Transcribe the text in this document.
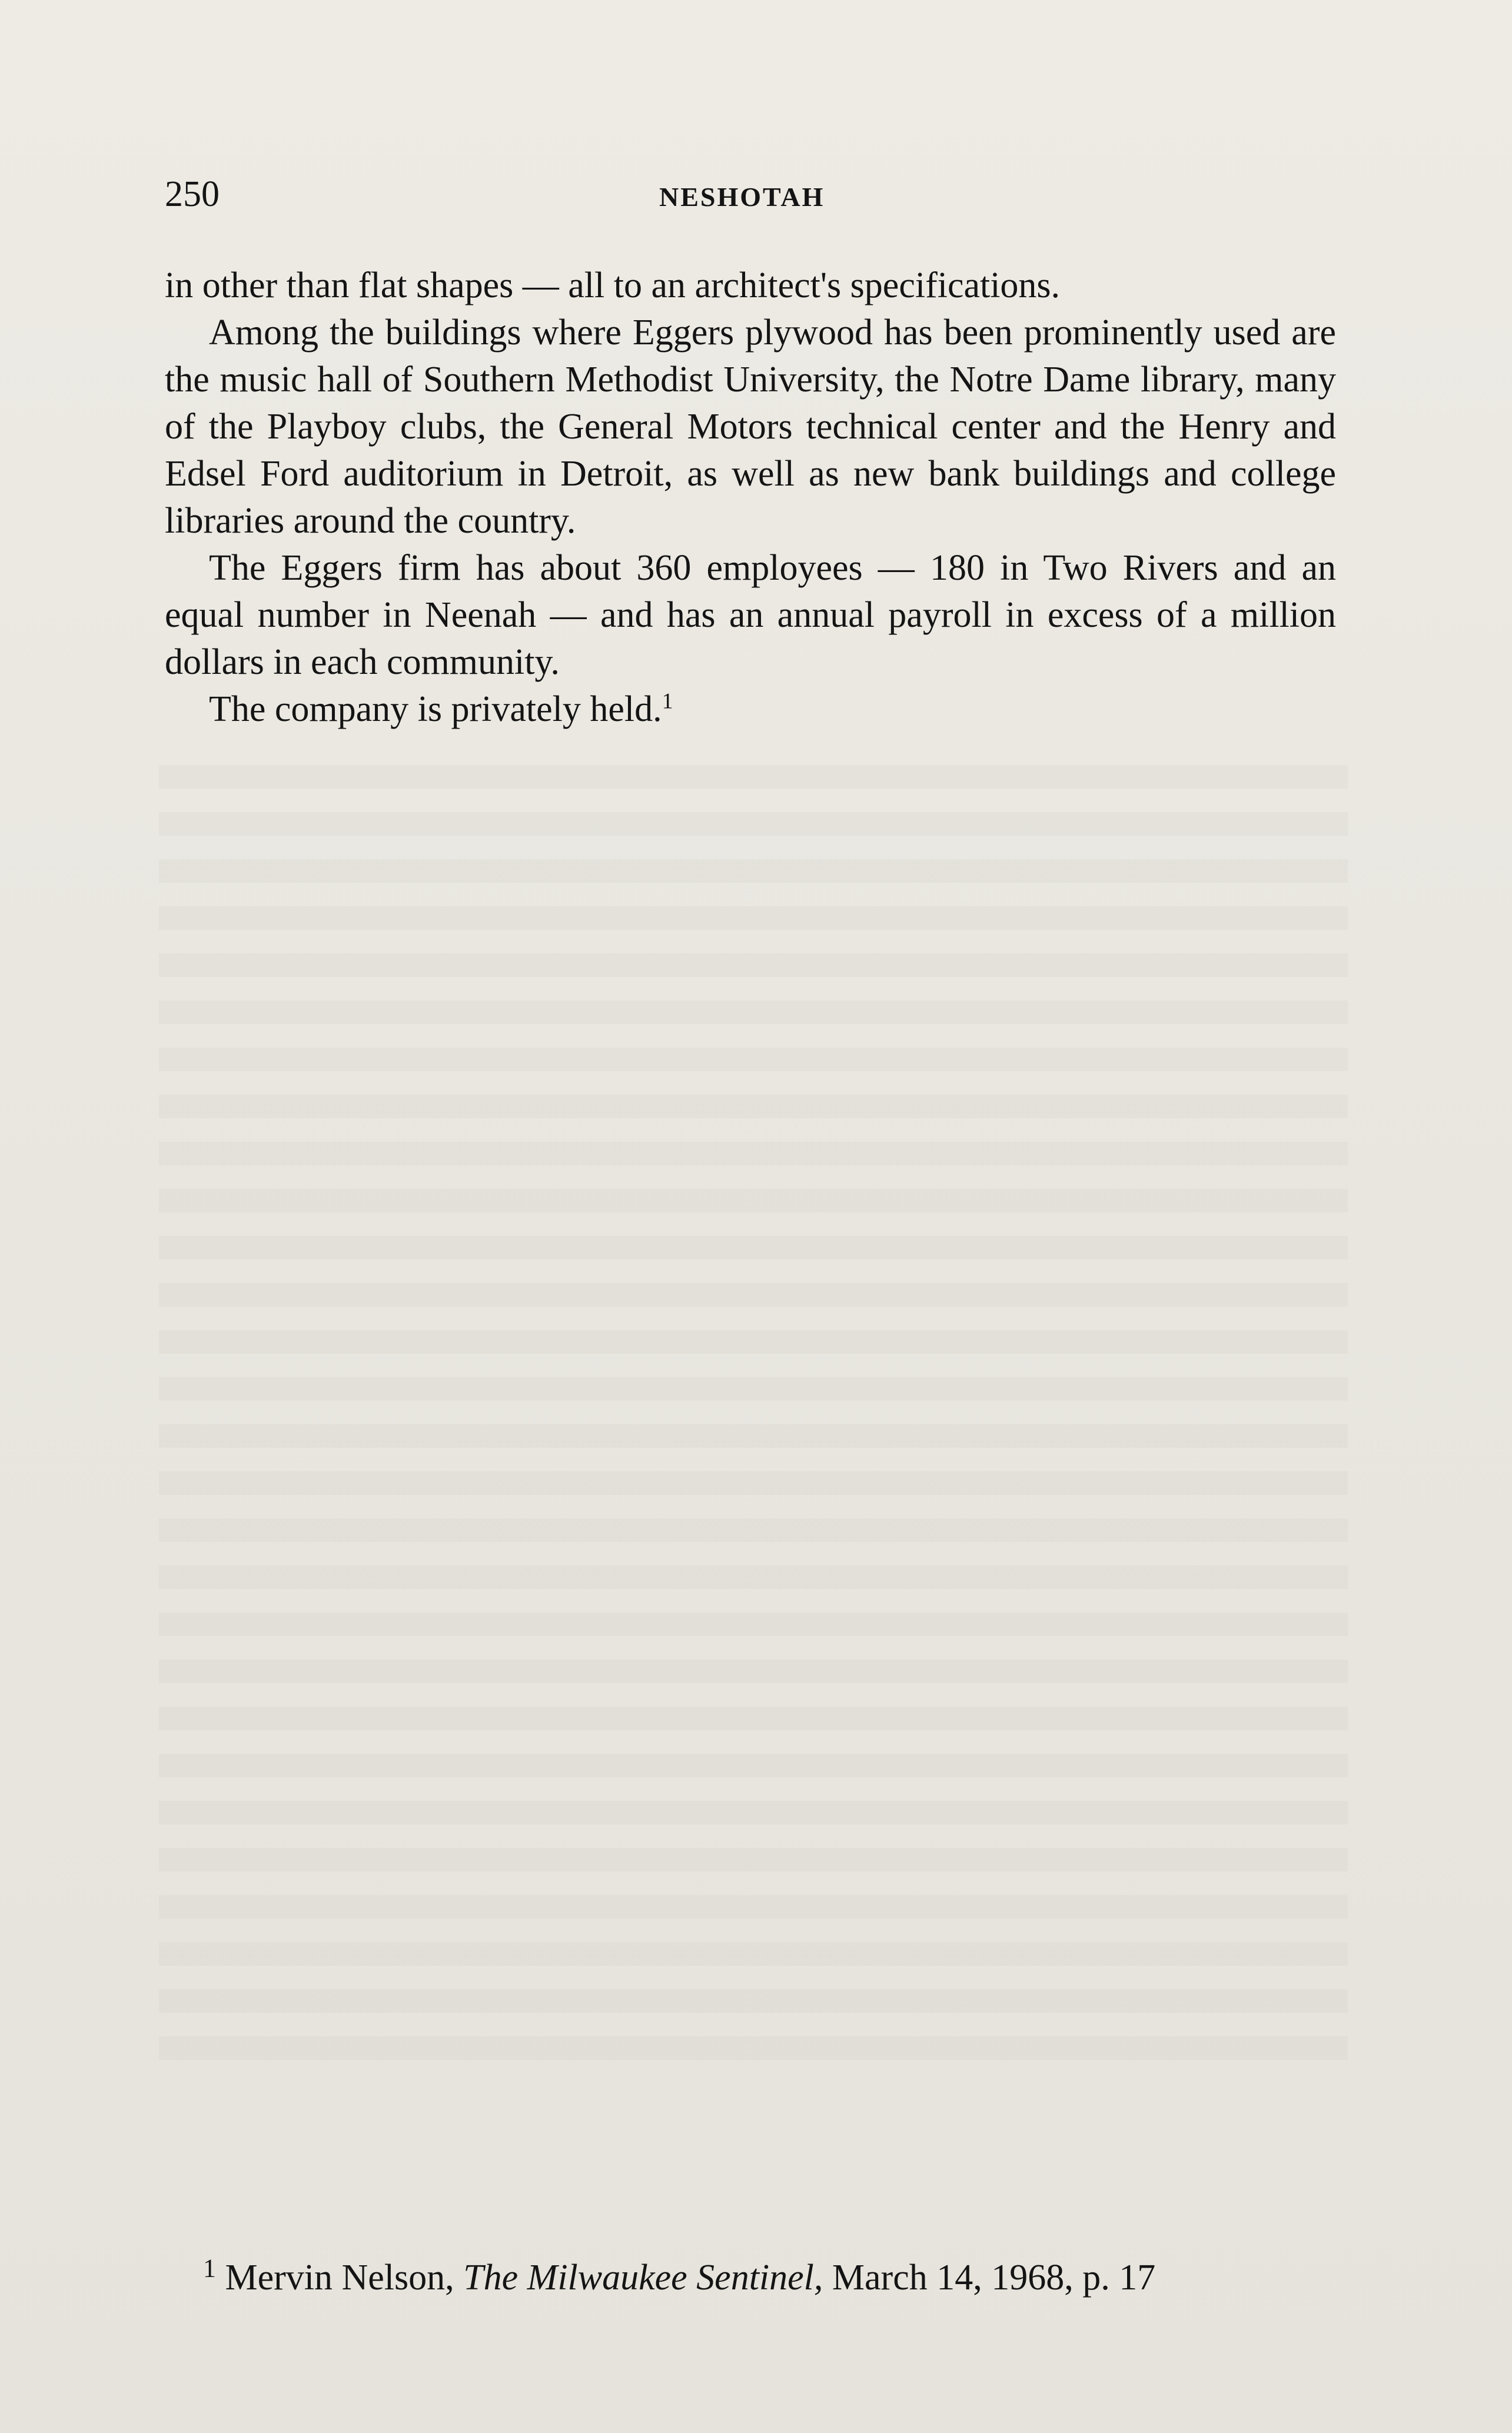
250	NESHOTAH

in other than flat shapes — all to an architect's specifications.

Among the buildings where Eggers plywood has been prominently used are the music hall of Southern Methodist University, the Notre Dame library, many of the Playboy clubs, the General Motors technical center and the Henry and Edsel Ford auditorium in Detroit, as well as new bank buildings and college libraries around the country.

The Eggers firm has about 360 employees — 180 in Two Rivers and an equal number in Neenah — and has an annual payroll in excess of a million dollars in each community.

The company is privately held.$^1$

$^1$ Mervin Nelson, The Milwaukee Sentinel, March 14, 1968, p. 17
